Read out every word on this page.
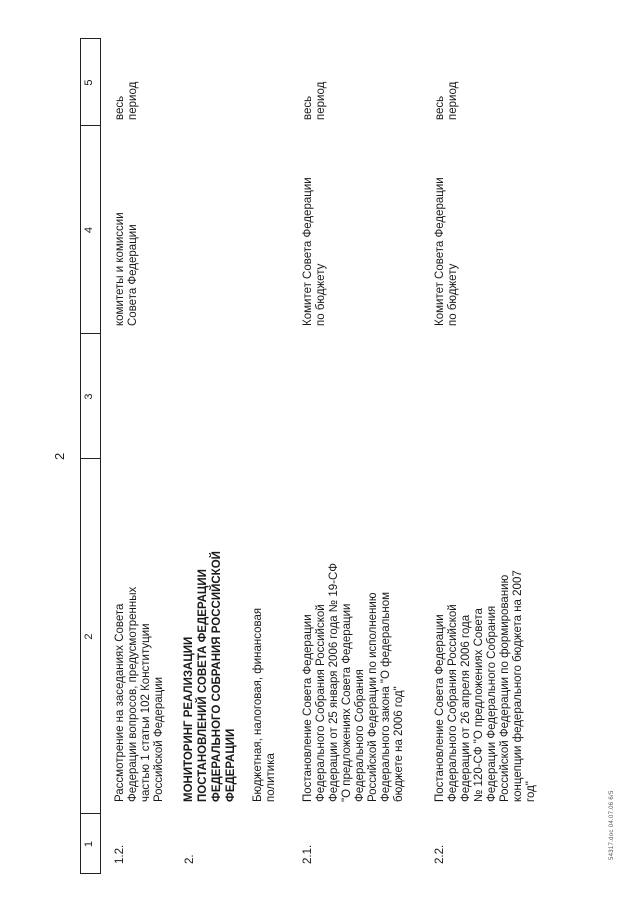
2
1
2
3
4
5
1.2.
Рассмотрение на заседаниях Совета
Федерации вопросов, предусмотренных
частью 1 статьи 102 Конституции
Российской Федерации
комитеты и комиссии
Совета Федерации
весь
период
2.
МОНИТОРИНГ РЕАЛИЗАЦИИ
ПОСТАНОВЛЕНИЙ СОВЕТА ФЕДЕРАЦИИ
ФЕДЕРАЛЬНОГО СОБРАНИЯ РОССИЙСКОЙ
ФЕДЕРАЦИИ Бюджетная, налоговая, финансовая
политика
2.1.
Постановление Совета Федерации
Федерального Собрания Российской
Федерации от 25 января 2006 года № 19-СФ
"О предложениях Совета Федерации
Федерального Собрания
Российской Федерации по исполнению
Федерального закона "О федеральном
бюджете на 2006 год"
Комитет Совета Федерации
по бюджету
весь
период
2.2.
Постановление Совета Федерации
Федерального Собрания Российской
Федерации от 26 апреля 2006 года
№ 120-СФ "О предложениях Совета
Федерации Федерального Собрания
Российской Федерации по формированию
концепции федерального бюджета на 2007
год"
Комитет Совета Федерации
по бюджету
весь
период
54317.doc 04.07.06 6/5
